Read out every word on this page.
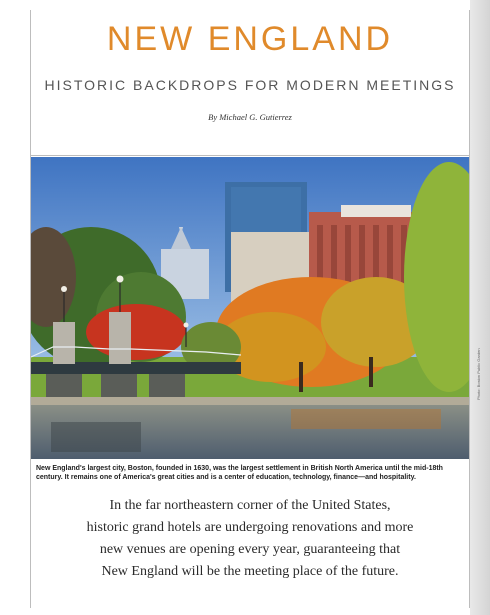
NEW ENGLAND
HISTORIC BACKDROPS FOR MODERN MEETINGS
By Michael G. Gutierrez
New England's largest city, Boston, founded in 1630, was the largest settlement in British North America until the mid-18th century. It remains one of America's great cities and is a center of education, technology, finance—and hospitality.
In the far northeastern corner of the United States,
historic grand hotels are undergoing renovations and more
new venues are opening every year, guaranteeing that
New England will be the meeting place of the future.
Photo: Boston Public Garden
